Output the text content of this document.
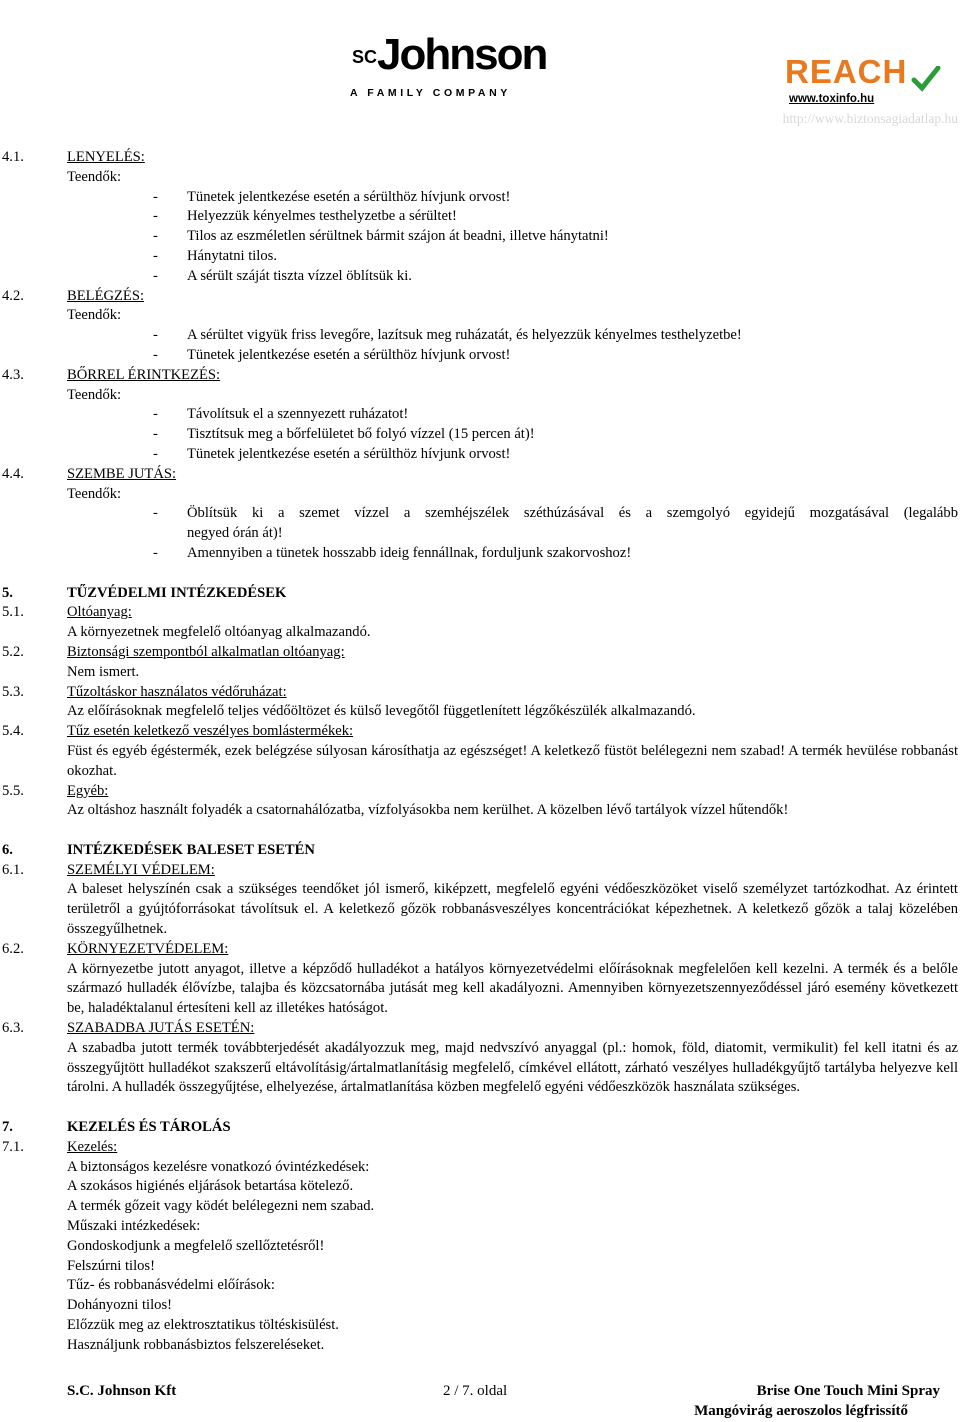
Elkészítés időpontja: 2010. június 14.
Felülvizsgálat időpontja: -
$^{SC}$Johnson
A FAMILY COMPANY
REACH
www.toxinfo.hu
http://www.biztonsagiadatlap.hu
4.1.	LENYELÉS:
Teendők:
- Tünetek jelentkezése esetén a sérülthöz hívjunk orvost!
- Helyezzük kényelmes testhelyzetbe a sérültet!
- Tilos az eszméletlen sérültnek bármit szájon át beadni, illetve hánytatni!
- Hánytatni tilos.
- A sérült száját tiszta vízzel öblítsük ki.
4.2.	BELÉGZÉS:
Teendők:
- A sérültet vigyük friss levegőre, lazítsuk meg ruházatát, és helyezzük kényelmes testhelyzetbe!
- Tünetek jelentkezése esetén a sérülthöz hívjunk orvost!
4.3.	BŐRREL ÉRINTKEZÉS:
Teendők:
- Távolítsuk el a szennyezett ruházatot!
- Tisztítsuk meg a bőrfelületet bő folyó vízzel (15 percen át)!
- Tünetek jelentkezése esetén a sérülthöz hívjunk orvost!
4.4.	SZEMBE JUTÁS:
Teendők:
- Öblítsük ki a szemet vízzel a szemhéjszélek széthúzásával és a szemgolyó egyidejű mozgatásával (legalább
negyed órán át)!
- Amennyiben a tünetek hosszabb ideig fennállnak, forduljunk szakorvoshoz!
5.	TŰZVÉDELMI INTÉZKEDÉSEK
5.1.	Oltóanyag:
A környezetnek megfelelő oltóanyag alkalmazandó.
5.2.	Biztonsági szempontból alkalmatlan oltóanyag:
Nem ismert.
5.3.	Tűzoltáskor használatos védőruházat:
Az előírásoknak megfelelő teljes védőöltözet és külső levegőtől függetlenített légzőkészülék alkalmazandó.
5.4.	Tűz esetén keletkező veszélyes bomlástermékek:
Füst és egyéb égéstermék, ezek belégzése súlyosan károsíthatja az egészséget! A keletkező füstöt belélegezni nem szabad! A termék hevülése robbanást okozhat.
5.5.	Egyéb:
Az oltáshoz használt folyadék a csatornahálózatba, vízfolyásokba nem kerülhet. A közelben lévő tartályok vízzel hűtendők!
6.	INTÉZKEDÉSEK BALESET ESETÉN
6.1.	SZEMÉLYI VÉDELEM:
A baleset helyszínén csak a szükséges teendőket jól ismerő, kiképzett, megfelelő egyéni védőeszközöket viselő személyzet tartózkodhat. Az érintett területről a gyújtóforrásokat távolítsuk el. A keletkező gőzök robbanásveszélyes koncentrációkat képezhetnek. A keletkező gőzök a talaj közelében összegyűlhetnek.
6.2.	KÖRNYEZETVÉDELEM:
A környezetbe jutott anyagot, illetve a képződő hulladékot a hatályos környezetvédelmi előírásoknak megfelelően kell kezelni. A termék és a belőle származó hulladék élővízbe, talajba és közcsatornába jutását meg kell akadályozni. Amennyiben környezetszennyeződéssel járó esemény következett be, haladéktalanul értesíteni kell az illetékes hatóságot.
6.3.	SZABADBA JUTÁS ESETÉN:
A szabadba jutott termék továbbterjedését akadályozzuk meg, majd nedvszívó anyaggal (pl.: homok, föld, diatomit, vermikulit) fel kell itatni és az összegyűjtött hulladékot szakszerű eltávolításig/ártalmatlanításig megfelelő, címkével ellátott, zárható veszélyes hulladékgyűjtő tartályba helyezve kell tárolni. A hulladék összegyűjtése, elhelyezése, ártalmatlanítása közben megfelelő egyéni védőeszközök használata szükséges.
7.	KEZELÉS ÉS TÁROLÁS
7.1.	Kezelés:
A biztonságos kezelésre vonatkozó óvintézkedések:
A szokásos higiénés eljárások betartása kötelező.
A termék gőzeit vagy ködét belélegezni nem szabad.
Műszaki intézkedések:
Gondoskodjunk a megfelelő szellőztetésről!
Felszúrni tilos!
Tűz- és robbanásvédelmi előírások:
Dohányozni tilos!
Előzzük meg az elektrosztatikus töltéskisülést.
Használjunk robbanásbiztos felszereléseket.
S.C. Johnson Kft	2 / 7. oldal	Brise One Touch Mini Spray
Mangóvirág aeroszolos légfrissítő
